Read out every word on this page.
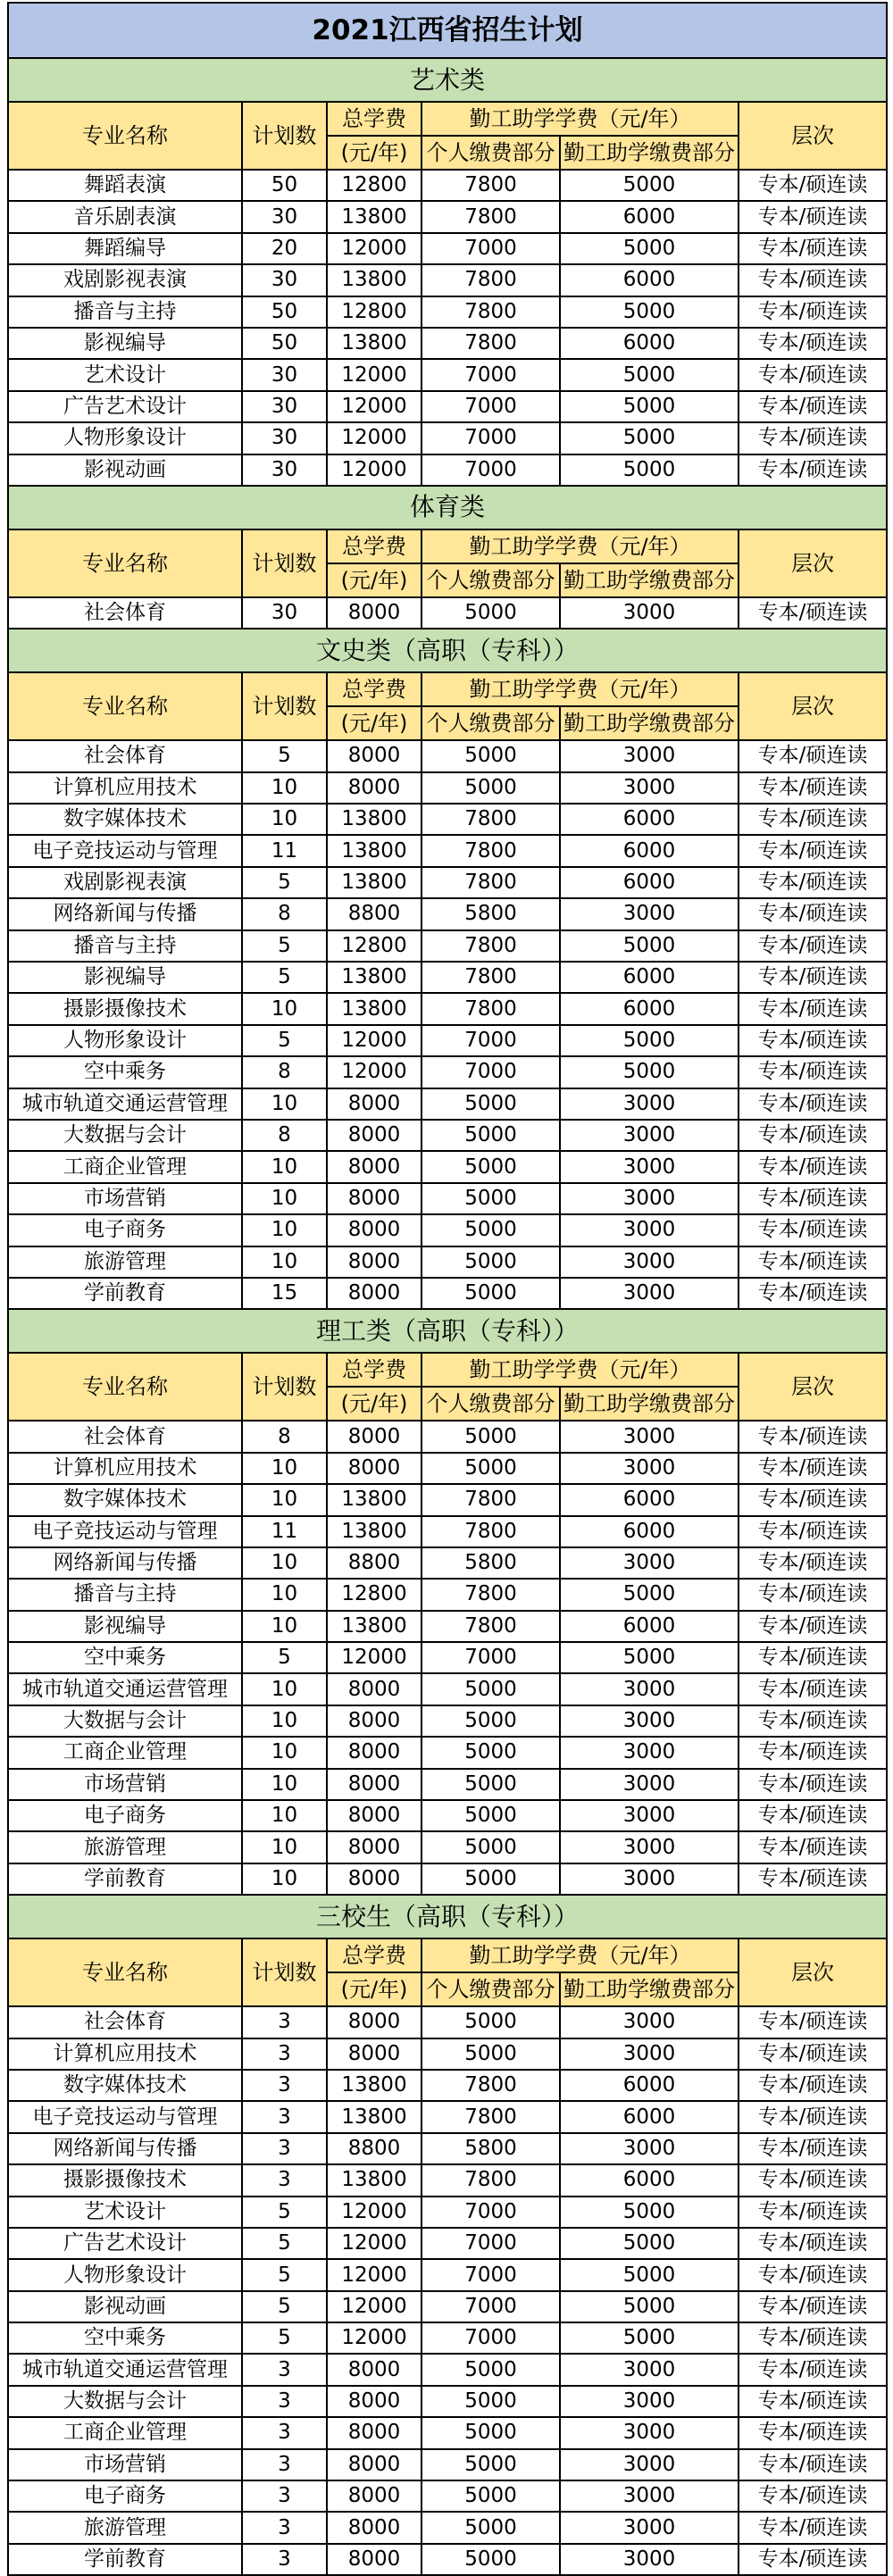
2021江西省招生计划					
艺术类					
专业名称	计划数	总学费	勤工助学学费（元/年）		层次
		(元/年)	个人缴费部分	勤工助学缴费部分	
舞蹈表演	50	12800	7800	5000	专本/硕连读
音乐剧表演	30	13800	7800	6000	专本/硕连读
舞蹈编导	20	12000	7000	5000	专本/硕连读
戏剧影视表演	30	13800	7800	6000	专本/硕连读
播音与主持	50	12800	7800	5000	专本/硕连读
影视编导	50	13800	7800	6000	专本/硕连读
艺术设计	30	12000	7000	5000	专本/硕连读
广告艺术设计	30	12000	7000	5000	专本/硕连读
人物形象设计	30	12000	7000	5000	专本/硕连读
影视动画	30	12000	7000	5000	专本/硕连读
体育类					
专业名称	计划数	总学费	勤工助学学费（元/年）		层次
		(元/年)	个人缴费部分	勤工助学缴费部分	
社会体育	30	8000	5000	3000	专本/硕连读
文史类（高职（专科））					
专业名称	计划数	总学费	勤工助学学费（元/年）		层次
		(元/年)	个人缴费部分	勤工助学缴费部分	
社会体育	5	8000	5000	3000	专本/硕连读
计算机应用技术	10	8000	5000	3000	专本/硕连读
数字媒体技术	10	13800	7800	6000	专本/硕连读
电子竞技运动与管理	11	13800	7800	6000	专本/硕连读
戏剧影视表演	5	13800	7800	6000	专本/硕连读
网络新闻与传播	8	8800	5800	3000	专本/硕连读
播音与主持	5	12800	7800	5000	专本/硕连读
影视编导	5	13800	7800	6000	专本/硕连读
摄影摄像技术	10	13800	7800	6000	专本/硕连读
人物形象设计	5	12000	7000	5000	专本/硕连读
空中乘务	8	12000	7000	5000	专本/硕连读
城市轨道交通运营管理	10	8000	5000	3000	专本/硕连读
大数据与会计	8	8000	5000	3000	专本/硕连读
工商企业管理	10	8000	5000	3000	专本/硕连读
市场营销	10	8000	5000	3000	专本/硕连读
电子商务	10	8000	5000	3000	专本/硕连读
旅游管理	10	8000	5000	3000	专本/硕连读
学前教育	15	8000	5000	3000	专本/硕连读
理工类（高职（专科））					
专业名称	计划数	总学费	勤工助学学费（元/年）		层次
		(元/年)	个人缴费部分	勤工助学缴费部分	
社会体育	8	8000	5000	3000	专本/硕连读
计算机应用技术	10	8000	5000	3000	专本/硕连读
数字媒体技术	10	13800	7800	6000	专本/硕连读
电子竞技运动与管理	11	13800	7800	6000	专本/硕连读
网络新闻与传播	10	8800	5800	3000	专本/硕连读
播音与主持	10	12800	7800	5000	专本/硕连读
影视编导	10	13800	7800	6000	专本/硕连读
空中乘务	5	12000	7000	5000	专本/硕连读
城市轨道交通运营管理	10	8000	5000	3000	专本/硕连读
大数据与会计	10	8000	5000	3000	专本/硕连读
工商企业管理	10	8000	5000	3000	专本/硕连读
市场营销	10	8000	5000	3000	专本/硕连读
电子商务	10	8000	5000	3000	专本/硕连读
旅游管理	10	8000	5000	3000	专本/硕连读
学前教育	10	8000	5000	3000	专本/硕连读
三校生（高职（专科））					
专业名称	计划数	总学费	勤工助学学费（元/年）		层次
		(元/年)	个人缴费部分	勤工助学缴费部分	
社会体育	3	8000	5000	3000	专本/硕连读
计算机应用技术	3	8000	5000	3000	专本/硕连读
数字媒体技术	3	13800	7800	6000	专本/硕连读
电子竞技运动与管理	3	13800	7800	6000	专本/硕连读
网络新闻与传播	3	8800	5800	3000	专本/硕连读
摄影摄像技术	3	13800	7800	6000	专本/硕连读
艺术设计	5	12000	7000	5000	专本/硕连读
广告艺术设计	5	12000	7000	5000	专本/硕连读
人物形象设计	5	12000	7000	5000	专本/硕连读
影视动画	5	12000	7000	5000	专本/硕连读
空中乘务	5	12000	7000	5000	专本/硕连读
城市轨道交通运营管理	3	8000	5000	3000	专本/硕连读
大数据与会计	3	8000	5000	3000	专本/硕连读
工商企业管理	3	8000	5000	3000	专本/硕连读
市场营销	3	8000	5000	3000	专本/硕连读
电子商务	3	8000	5000	3000	专本/硕连读
旅游管理	3	8000	5000	3000	专本/硕连读
学前教育	3	8000	5000	3000	专本/硕连读
